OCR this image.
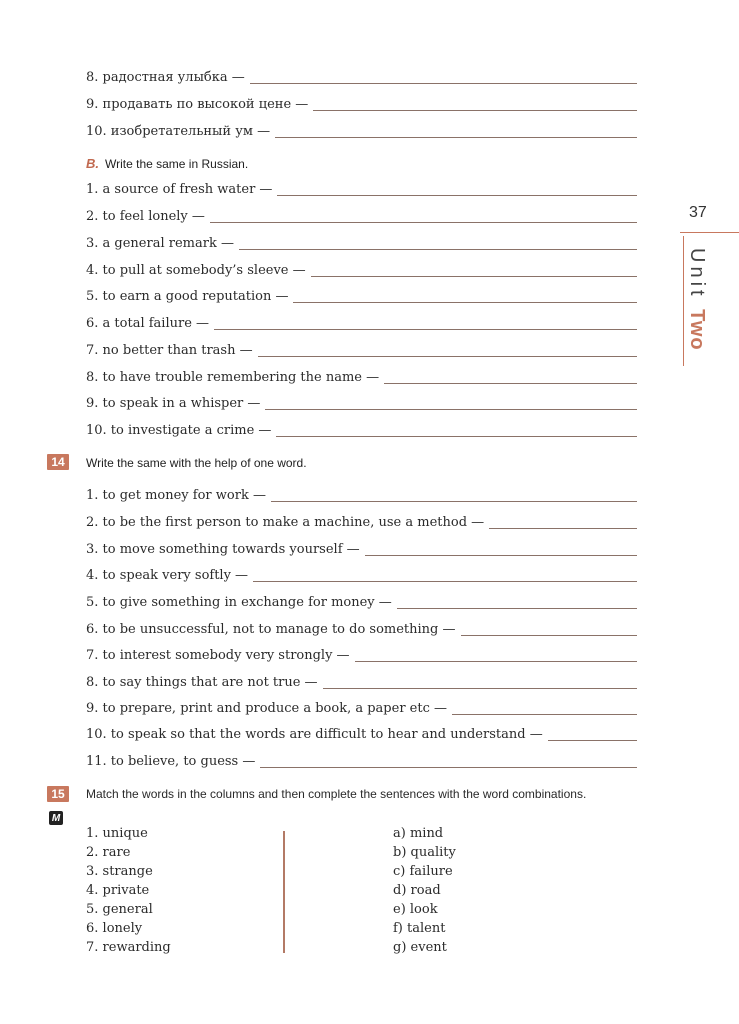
37
Unit Two
8. радостная улыбка —
9. продавать по высокой цене —
10. изобретательный ум —
B. Write the same in Russian.
1. a source of fresh water —
2. to feel lonely —
3. a general remark —
4. to pull at somebody’s sleeve —
5. to earn a good reputation —
6. a total failure —
7. no better than trash —
8. to have trouble remembering the name —
9. to speak in a whisper —
10. to investigate a crime —
14	Write the same with the help of one word.
1. to get money for work —
2. to be the first person to make a machine, use a method —
3. to move something towards yourself —
4. to speak very softly —
5. to give something in exchange for money —
6. to be unsuccessful, not to manage to do something —
7. to interest somebody very strongly —
8. to say things that are not true —
9. to prepare, print and produce a book, a paper etc —
10. to speak so that the words are difficult to hear and understand —
11. to believe, to guess —
15
M
Match the words in the columns and then complete the sentences with the word combinations.
1. unique
2. rare
3. strange
4. private
5. general
6. lonely
7. rewarding
a) mind
b) quality
c) failure
d) road
e) look
f) talent
g) event
